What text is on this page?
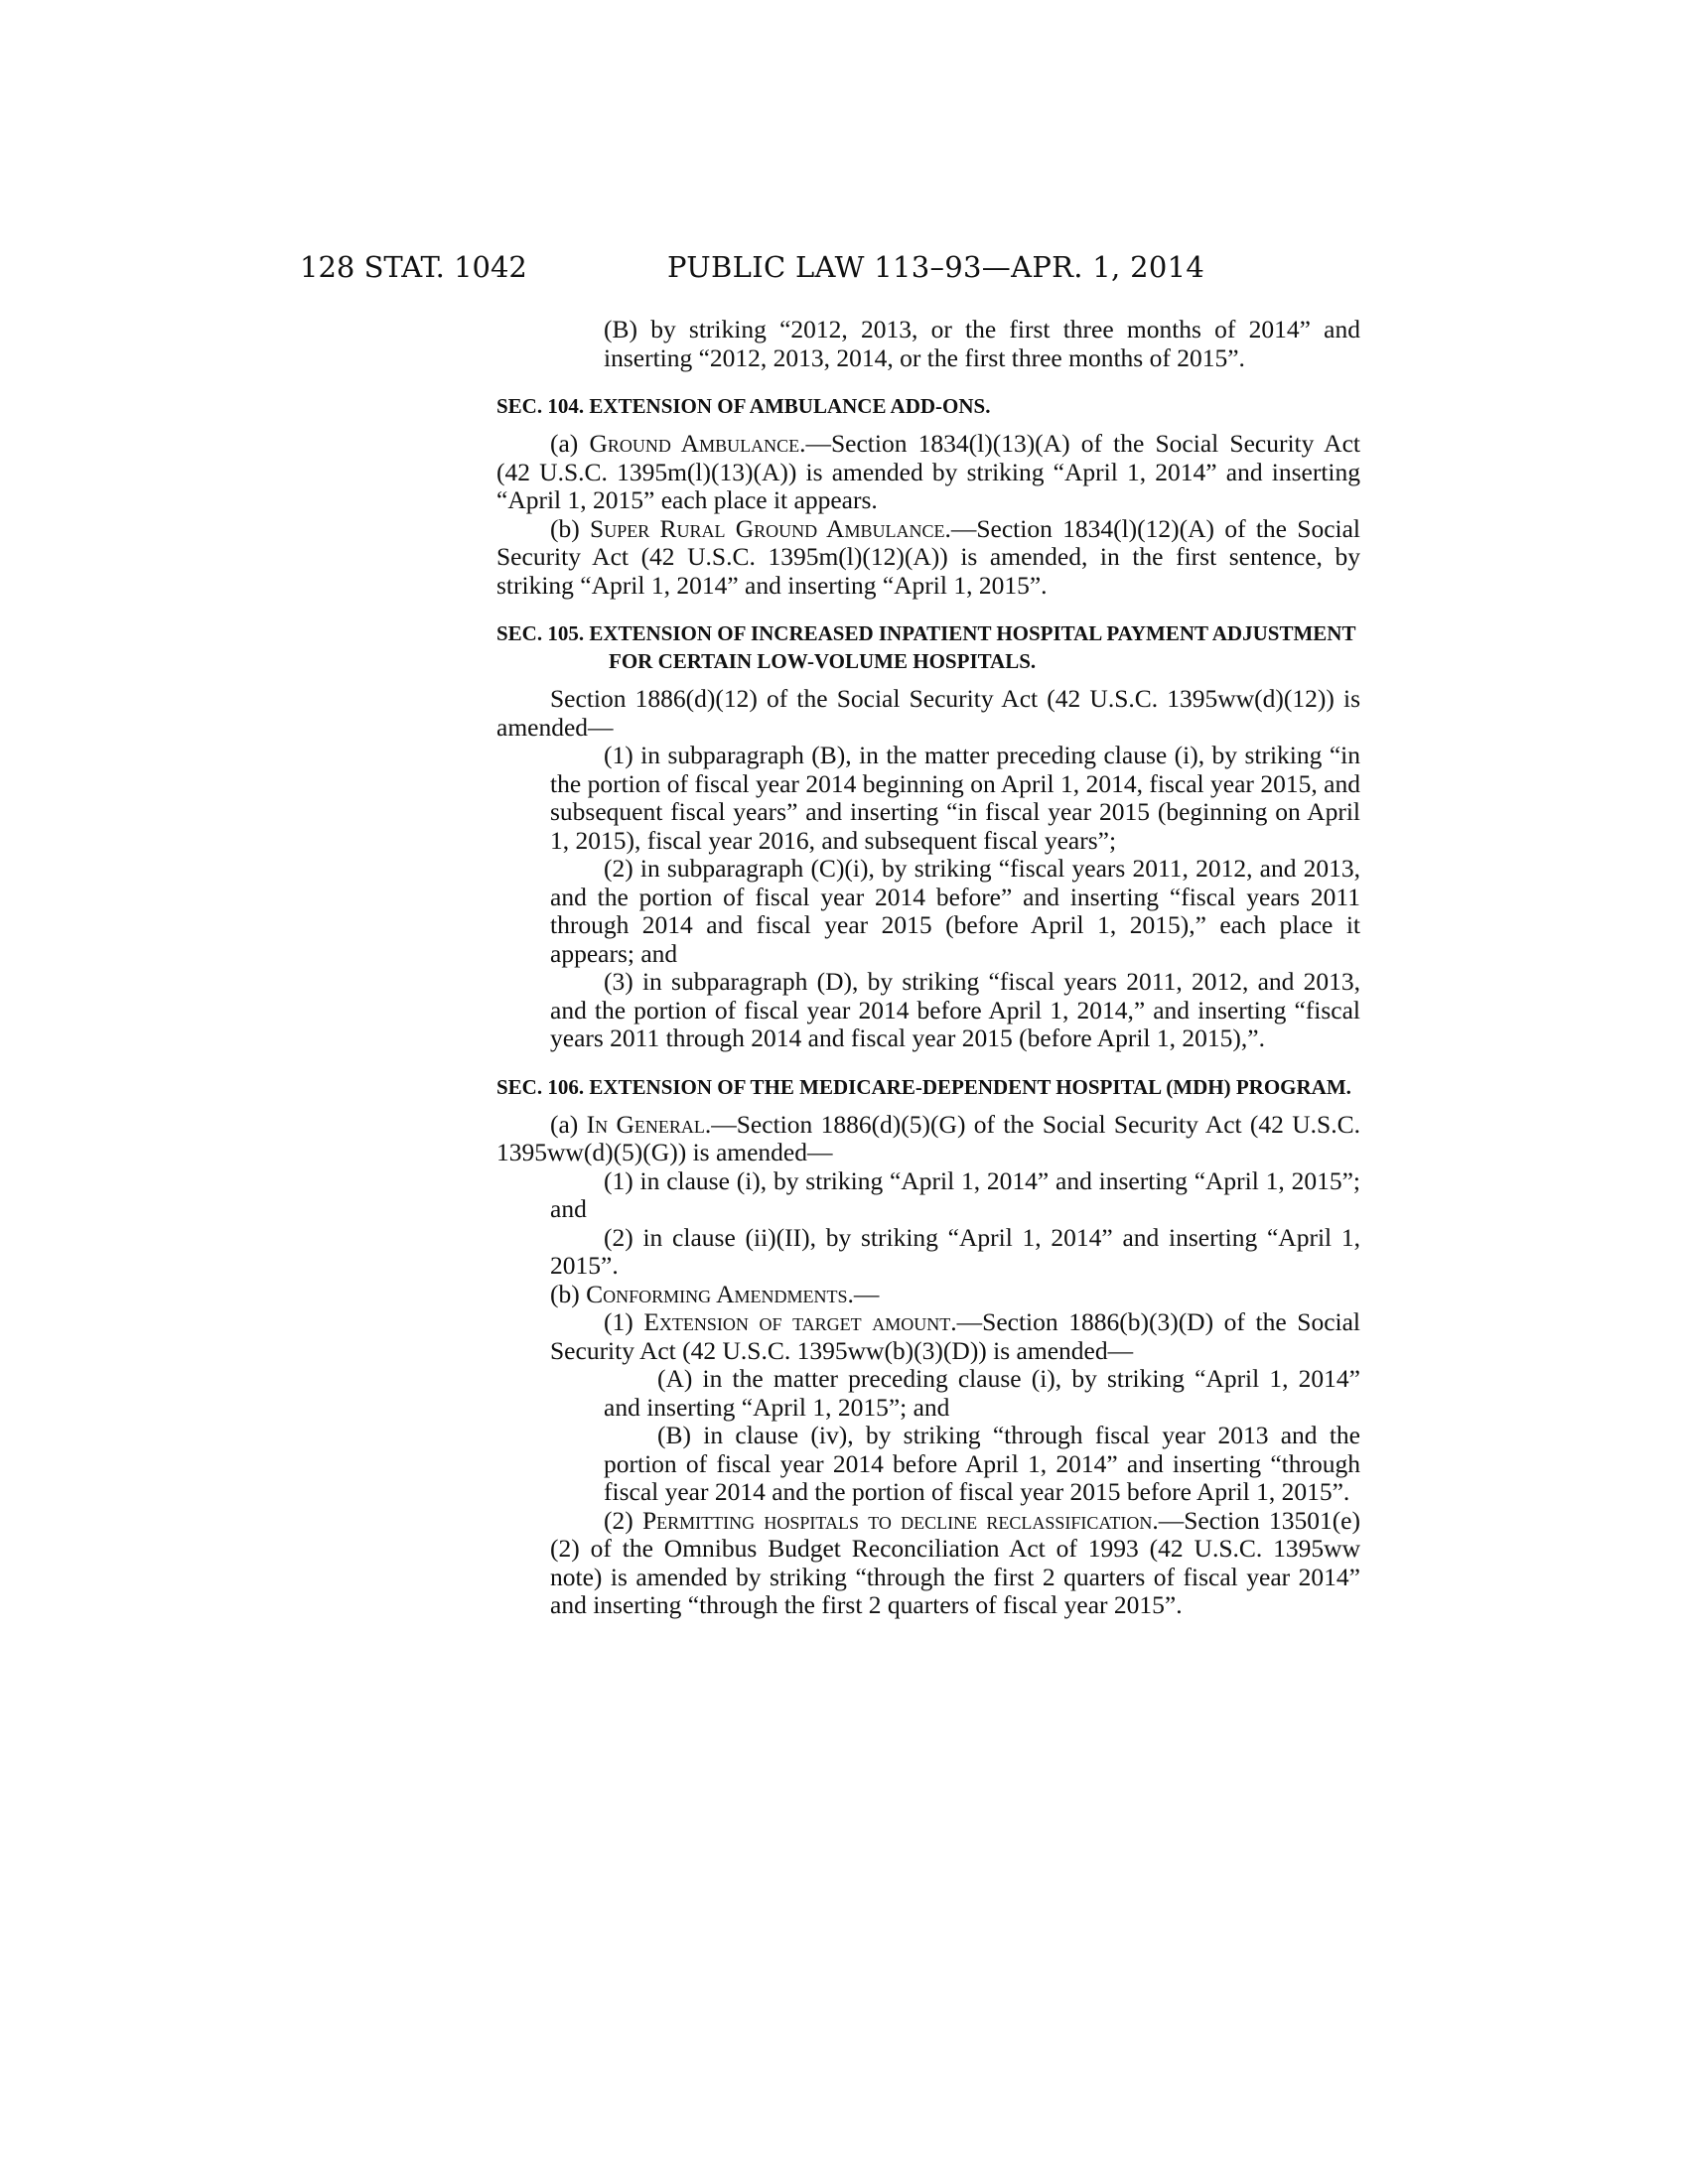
128 STAT. 1042	PUBLIC LAW 113–93—APR. 1, 2014

(B) by striking “2012, 2013, or the first three months of 2014” and inserting “2012, 2013, 2014, or the first three months of 2015”.

SEC. 104. EXTENSION OF AMBULANCE ADD-ONS.

(a) Ground Ambulance.—Section 1834(l)(13)(A) of the Social Security Act (42 U.S.C. 1395m(l)(13)(A)) is amended by striking “April 1, 2014” and inserting “April 1, 2015” each place it appears.

(b) Super Rural Ground Ambulance.—Section 1834(l)(12)(A) of the Social Security Act (42 U.S.C. 1395m(l)(12)(A)) is amended, in the first sentence, by striking “April 1, 2014” and inserting “April 1, 2015”.

SEC. 105. EXTENSION OF INCREASED INPATIENT HOSPITAL PAYMENT ADJUSTMENT FOR CERTAIN LOW-VOLUME HOSPITALS.

Section 1886(d)(12) of the Social Security Act (42 U.S.C. 1395ww(d)(12)) is amended—

(1) in subparagraph (B), in the matter preceding clause (i), by striking “in the portion of fiscal year 2014 beginning on April 1, 2014, fiscal year 2015, and subsequent fiscal years” and inserting “in fiscal year 2015 (beginning on April 1, 2015), fiscal year 2016, and subsequent fiscal years”;

(2) in subparagraph (C)(i), by striking “fiscal years 2011, 2012, and 2013, and the portion of fiscal year 2014 before” and inserting “fiscal years 2011 through 2014 and fiscal year 2015 (before April 1, 2015),” each place it appears; and

(3) in subparagraph (D), by striking “fiscal years 2011, 2012, and 2013, and the portion of fiscal year 2014 before April 1, 2014,” and inserting “fiscal years 2011 through 2014 and fiscal year 2015 (before April 1, 2015),”.

SEC. 106. EXTENSION OF THE MEDICARE-DEPENDENT HOSPITAL (MDH) PROGRAM.

(a) In General.—Section 1886(d)(5)(G) of the Social Security Act (42 U.S.C. 1395ww(d)(5)(G)) is amended—

(1) in clause (i), by striking “April 1, 2014” and inserting “April 1, 2015”; and

(2) in clause (ii)(II), by striking “April 1, 2014” and inserting “April 1, 2015”.

(b) Conforming Amendments.—

(1) Extension of target amount.—Section 1886(b)(3)(D) of the Social Security Act (42 U.S.C. 1395ww(b)(3)(D)) is amended—

(A) in the matter preceding clause (i), by striking “April 1, 2014” and inserting “April 1, 2015”; and

(B) in clause (iv), by striking “through fiscal year 2013 and the portion of fiscal year 2014 before April 1, 2014” and inserting “through fiscal year 2014 and the portion of fiscal year 2015 before April 1, 2015”.

(2) Permitting hospitals to decline reclassification.—Section 13501(e)(2) of the Omnibus Budget Reconciliation Act of 1993 (42 U.S.C. 1395ww note) is amended by striking “through the first 2 quarters of fiscal year 2014” and inserting “through the first 2 quarters of fiscal year 2015”.
